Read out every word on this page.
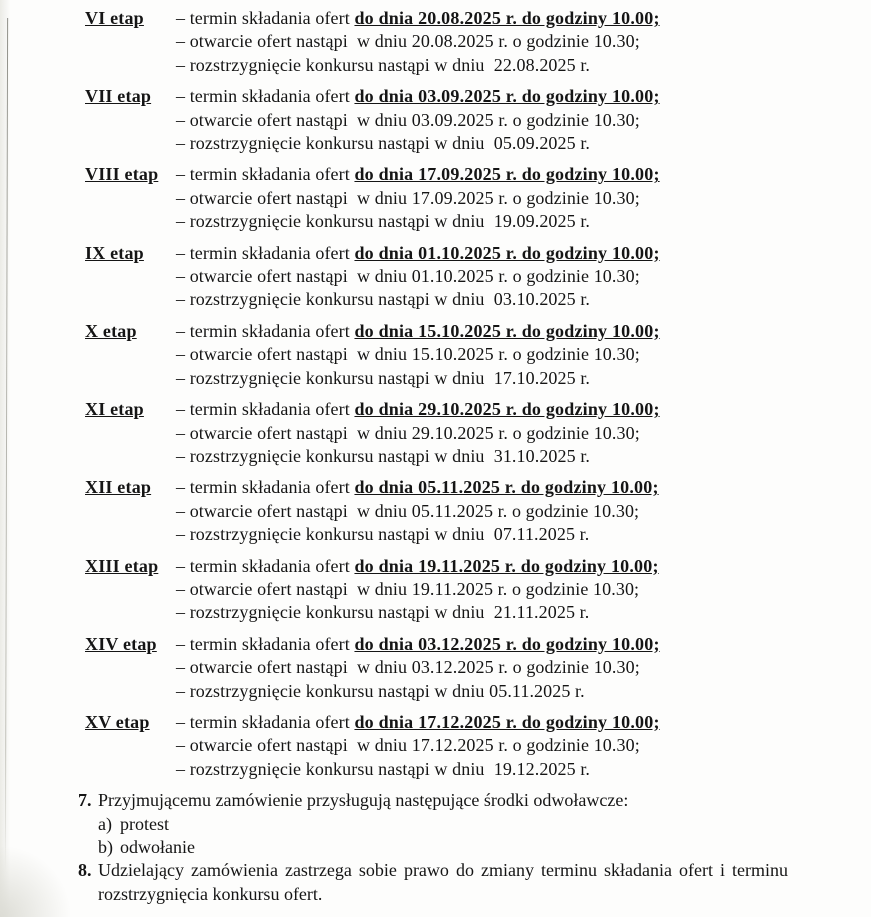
VI etap	– termin składania ofert do dnia 20.08.2025 r. do godziny 10.00;
– otwarcie ofert nastąpi  w dniu 20.08.2025 r. o godzinie 10.30;
– rozstrzygnięcie konkursu nastąpi w dniu  22.08.2025 r.
VII etap	– termin składania ofert do dnia 03.09.2025 r. do godziny 10.00;
– otwarcie ofert nastąpi  w dniu 03.09.2025 r. o godzinie 10.30;
– rozstrzygnięcie konkursu nastąpi w dniu  05.09.2025 r.
VIII etap – termin składania ofert do dnia 17.09.2025 r. do godziny 10.00;
– otwarcie ofert nastąpi  w dniu 17.09.2025 r. o godzinie 10.30;
– rozstrzygnięcie konkursu nastąpi w dniu  19.09.2025 r.
IX etap	– termin składania ofert do dnia 01.10.2025 r. do godziny 10.00;
– otwarcie ofert nastąpi  w dniu 01.10.2025 r. o godzinie 10.30;
– rozstrzygnięcie konkursu nastąpi w dniu  03.10.2025 r.
X etap	– termin składania ofert do dnia 15.10.2025 r. do godziny 10.00;
– otwarcie ofert nastąpi  w dniu 15.10.2025 r. o godzinie 10.30;
– rozstrzygnięcie konkursu nastąpi w dniu  17.10.2025 r.
XI etap	– termin składania ofert do dnia 29.10.2025 r. do godziny 10.00;
– otwarcie ofert nastąpi  w dniu 29.10.2025 r. o godzinie 10.30;
– rozstrzygnięcie konkursu nastąpi w dniu  31.10.2025 r.
XII etap	– termin składania ofert do dnia 05.11.2025 r. do godziny 10.00;
– otwarcie ofert nastąpi  w dniu 05.11.2025 r. o godzinie 10.30;
– rozstrzygnięcie konkursu nastąpi w dniu  07.11.2025 r.
XIII etap – termin składania ofert do dnia 19.11.2025 r. do godziny 10.00;
– otwarcie ofert nastąpi  w dniu 19.11.2025 r. o godzinie 10.30;
– rozstrzygnięcie konkursu nastąpi w dniu  21.11.2025 r.
XIV etap	– termin składania ofert do dnia 03.12.2025 r. do godziny 10.00;
– otwarcie ofert nastąpi  w dniu 03.12.2025 r. o godzinie 10.30;
– rozstrzygnięcie konkursu nastąpi w dniu 05.11.2025 r.
XV etap	– termin składania ofert do dnia 17.12.2025 r. do godziny 10.00;
– otwarcie ofert nastąpi  w dniu 17.12.2025 r. o godzinie 10.30;
– rozstrzygnięcie konkursu nastąpi w dniu  19.12.2025 r.
7. Przyjmującemu zamówienie przysługują następujące środki odwoławcze:
a) protest
b) odwołanie
8. Udzielający zamówienia zastrzega sobie prawo do zmiany terminu składania ofert i terminu rozstrzygnięcia konkursu ofert.
